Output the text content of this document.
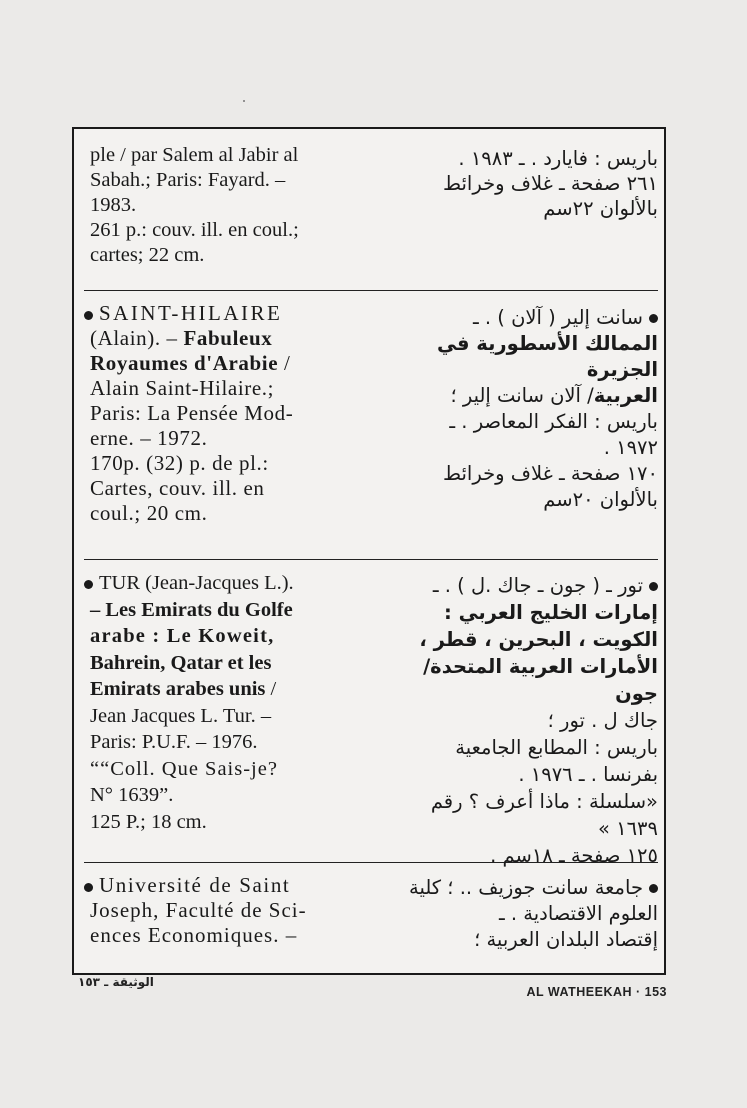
ple / par Salem al Jabir al
Sabah.; Paris: Fayard. –
1983.
261 p.: couv. ill. en coul.;
cartes; 22 cm.
باريس : فايارد . ـ ١٩٨٣ .
٢٦١ صفحة ـ غلاف وخرائط
بالألوان ٢٢سم
SAINT-HILAIRE
(Alain). – Fabuleux
Royaumes d'Arabie /
Alain Saint-Hilaire.;
Paris: La Pensée Mod-
erne. – 1972.
170p. (32) p. de pl.:
Cartes, couv. ill. en
coul.; 20 cm.
سانت إلير ( آلان ) . ـ
الممالك الأسطورية في الجزيرة
العربية/ آلان سانت إلير ؛
باريس : الفكر المعاصر . ـ
١٩٧٢ .
١٧٠ صفحة ـ غلاف وخرائط
بالألوان ٢٠سم
TUR (Jean-Jacques L.).
– Les Emirats du Golfe
arabe : Le Koweit,
Bahrein, Qatar et les
Emirats arabes unis /
Jean Jacques L. Tur. –
Paris: P.U.F. – 1976.
““Coll. Que Sais-je?
N° 1639”.
125 P.; 18 cm.
تور ـ ( جون ـ جاك .ل ) . ـ
إمارات الخليج العربي :
الكويت ، البحرين ، قطر ،
الأمارات العربية المتحدة/ جون
جاك ل . تور ؛
باريس : المطابع الجامعية
بفرنسا . ـ ١٩٧٦ .
«سلسلة : ماذا أعرف ؟ رقم
١٦٣٩ »
١٢٥ صفحة ـ ١٨سم .
Université de Saint
Joseph, Faculté de Sci-
ences Economiques. –
جامعة سانت جوزيف .. ؛ كلية
العلوم الاقتصادية . ـ
إقتصاد البلدان العربية ؛
الوثيقة ـ ١٥٣
AL WATHEEKAH · 153
